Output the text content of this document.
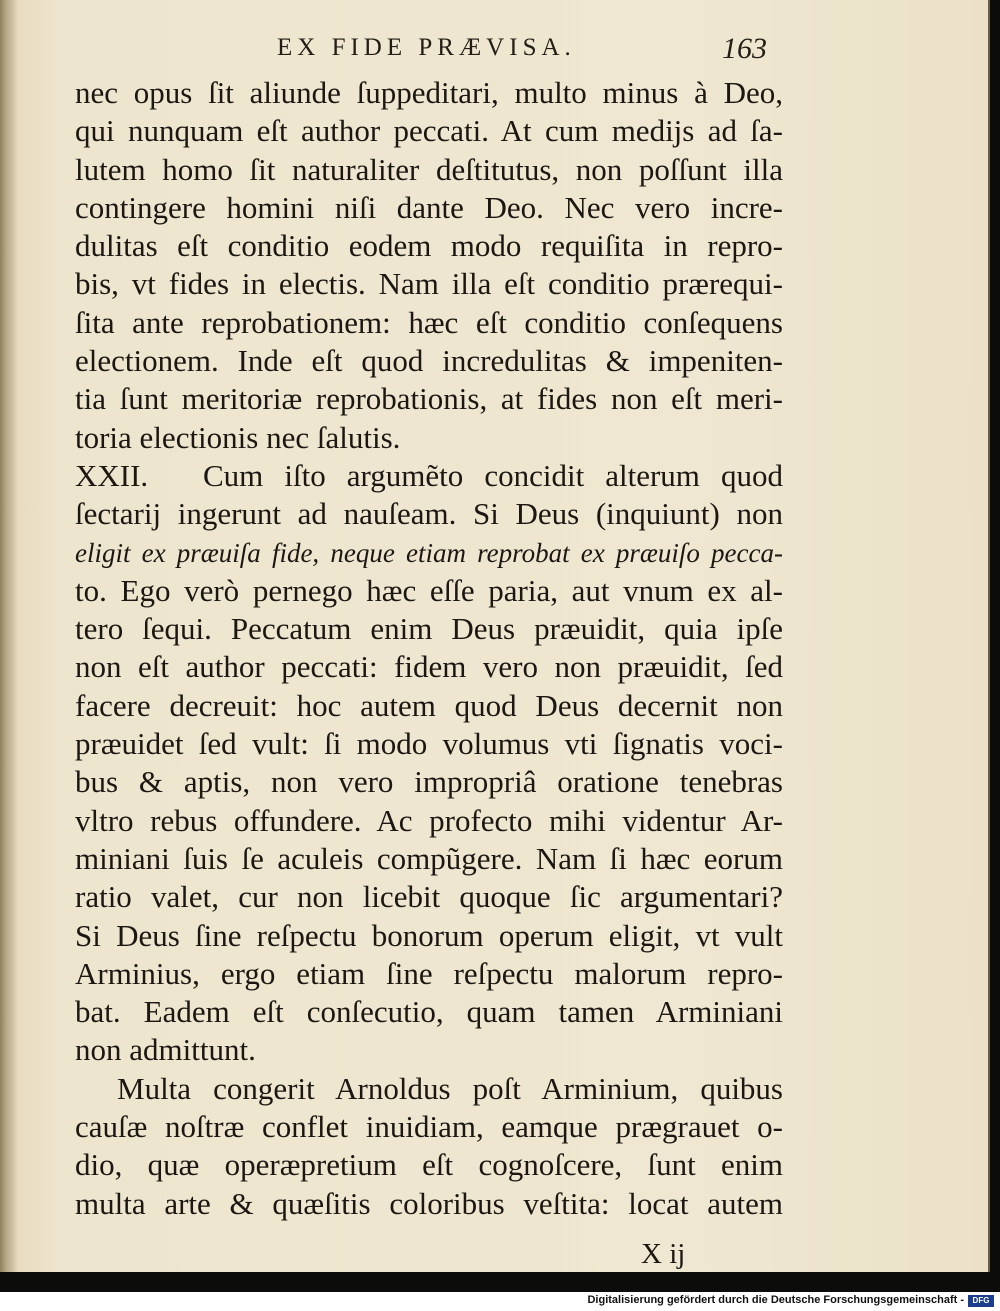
EX FIDE PRÆVISA.	163
nec opus ſit aliunde ſuppeditari, multo minus à Deo,
qui nunquam eſt author peccati. At cum medijs ad ſa-
lutem homo ſit naturaliter deſtitutus, non poſſunt illa
contingere homini niſi dante Deo. Nec vero incre-
dulitas eſt conditio eodem modo requiſita in repro-
bis, vt fides in electis. Nam illa eſt conditio prærequi-
ſita ante reprobationem: hæc eſt conditio conſequens
electionem. Inde eſt quod incredulitas & impeniten-
tia ſunt meritoriæ reprobationis, at fides non eſt meri-
toria electionis nec ſalutis.
XXII. Cum iſto argumẽto concidit alterum quod
ſectarij ingerunt ad nauſeam. Si Deus (inquiunt) non
eligit ex præuiſa fide, neque etiam reprobat ex præuiſo pecca-
to. Ego verò pernego hæc eſſe paria, aut vnum ex al-
tero ſequi. Peccatum enim Deus præuidit, quia ipſe
non eſt author peccati: fidem vero non præuidit, ſed
facere decreuit: hoc autem quod Deus decernit non
præuidet ſed vult: ſi modo volumus vti ſignatis voci-
bus & aptis, non vero impropriâ oratione tenebras
vltro rebus offundere. Ac profecto mihi videntur Ar-
miniani ſuis ſe aculeis compũgere. Nam ſi hæc eorum
ratio valet, cur non licebit quoque ſic argumentari?
Si Deus ſine reſpectu bonorum operum eligit, vt vult
Arminius, ergo etiam ſine reſpectu malorum repro-
bat. Eadem eſt conſecutio, quam tamen Arminiani
non admittunt.
Multa congerit Arnoldus poſt Arminium, quibus
cauſæ noſtræ conflet inuidiam, eamque prægrauet o-
dio, quæ operæpretium eſt cognoſcere, ſunt enim
multa arte & quæſitis coloribus veſtita: locat autem
X ij
Digitalisierung gefördert durch die Deutsche Forschungsgemeinschaft -	DFG
